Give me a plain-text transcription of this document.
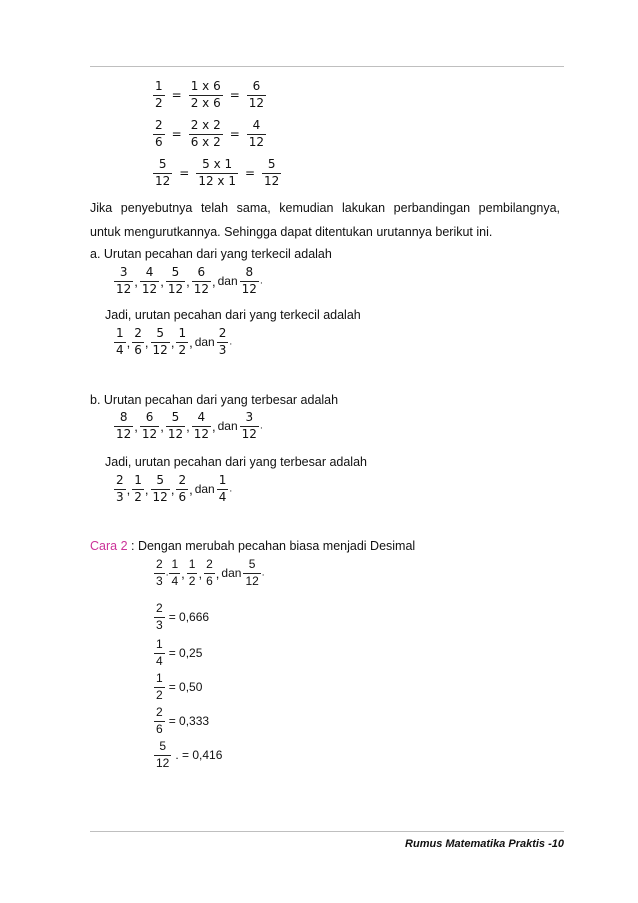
$\frac{1}{2} = \frac{1 x 6}{2 x 6} = \frac{6}{12}$
$\frac{2}{6} = \frac{2 x 2}{6 x 2} = \frac{4}{12}$
$\frac{5}{12} = \frac{5 x 1}{12 x 1} = \frac{5}{12}$
Jika penyebutnya telah sama, kemudian lakukan perbandingan pembilangnya,
untuk mengurutkannya. Sehingga dapat ditentukan urutannya berikut ini.
a. Urutan pecahan dari yang terkecil adalah
$\frac{3}{12}$ , $\frac{4}{12}$ , $\frac{5}{12}$ , $\frac{6}{12}$ , dan $\frac{8}{12}$ .
Jadi, urutan pecahan dari yang terkecil adalah
$\frac{1}{4}$ , $\frac{2}{6}$ , $\frac{5}{12}$ , $\frac{1}{2}$ , dan $\frac{2}{3}$ .
b. Urutan pecahan dari yang terbesar adalah
$\frac{8}{12}$ , $\frac{6}{12}$ , $\frac{5}{12}$ , $\frac{4}{12}$ , dan $\frac{3}{12}$ .
Jadi, urutan pecahan dari yang terbesar adalah
$\frac{2}{3}$ , $\frac{1}{2}$ , $\frac{5}{12}$ , $\frac{2}{6}$ , dan $\frac{1}{4}$ .
Cara 2 : Dengan merubah pecahan biasa menjadi Desimal
$\frac{2}{3}$ . $\frac{1}{4}$ , $\frac{1}{2}$ , $\frac{2}{6}$ , dan $\frac{5}{12}$ .
$\frac{2}{3} = 0,666$
$\frac{1}{4} = 0,25$
$\frac{1}{2} = 0,50$
$\frac{2}{6} = 0,333$
$\frac{5}{12}$ . = 0,416
Rumus Matematika Praktis -10
